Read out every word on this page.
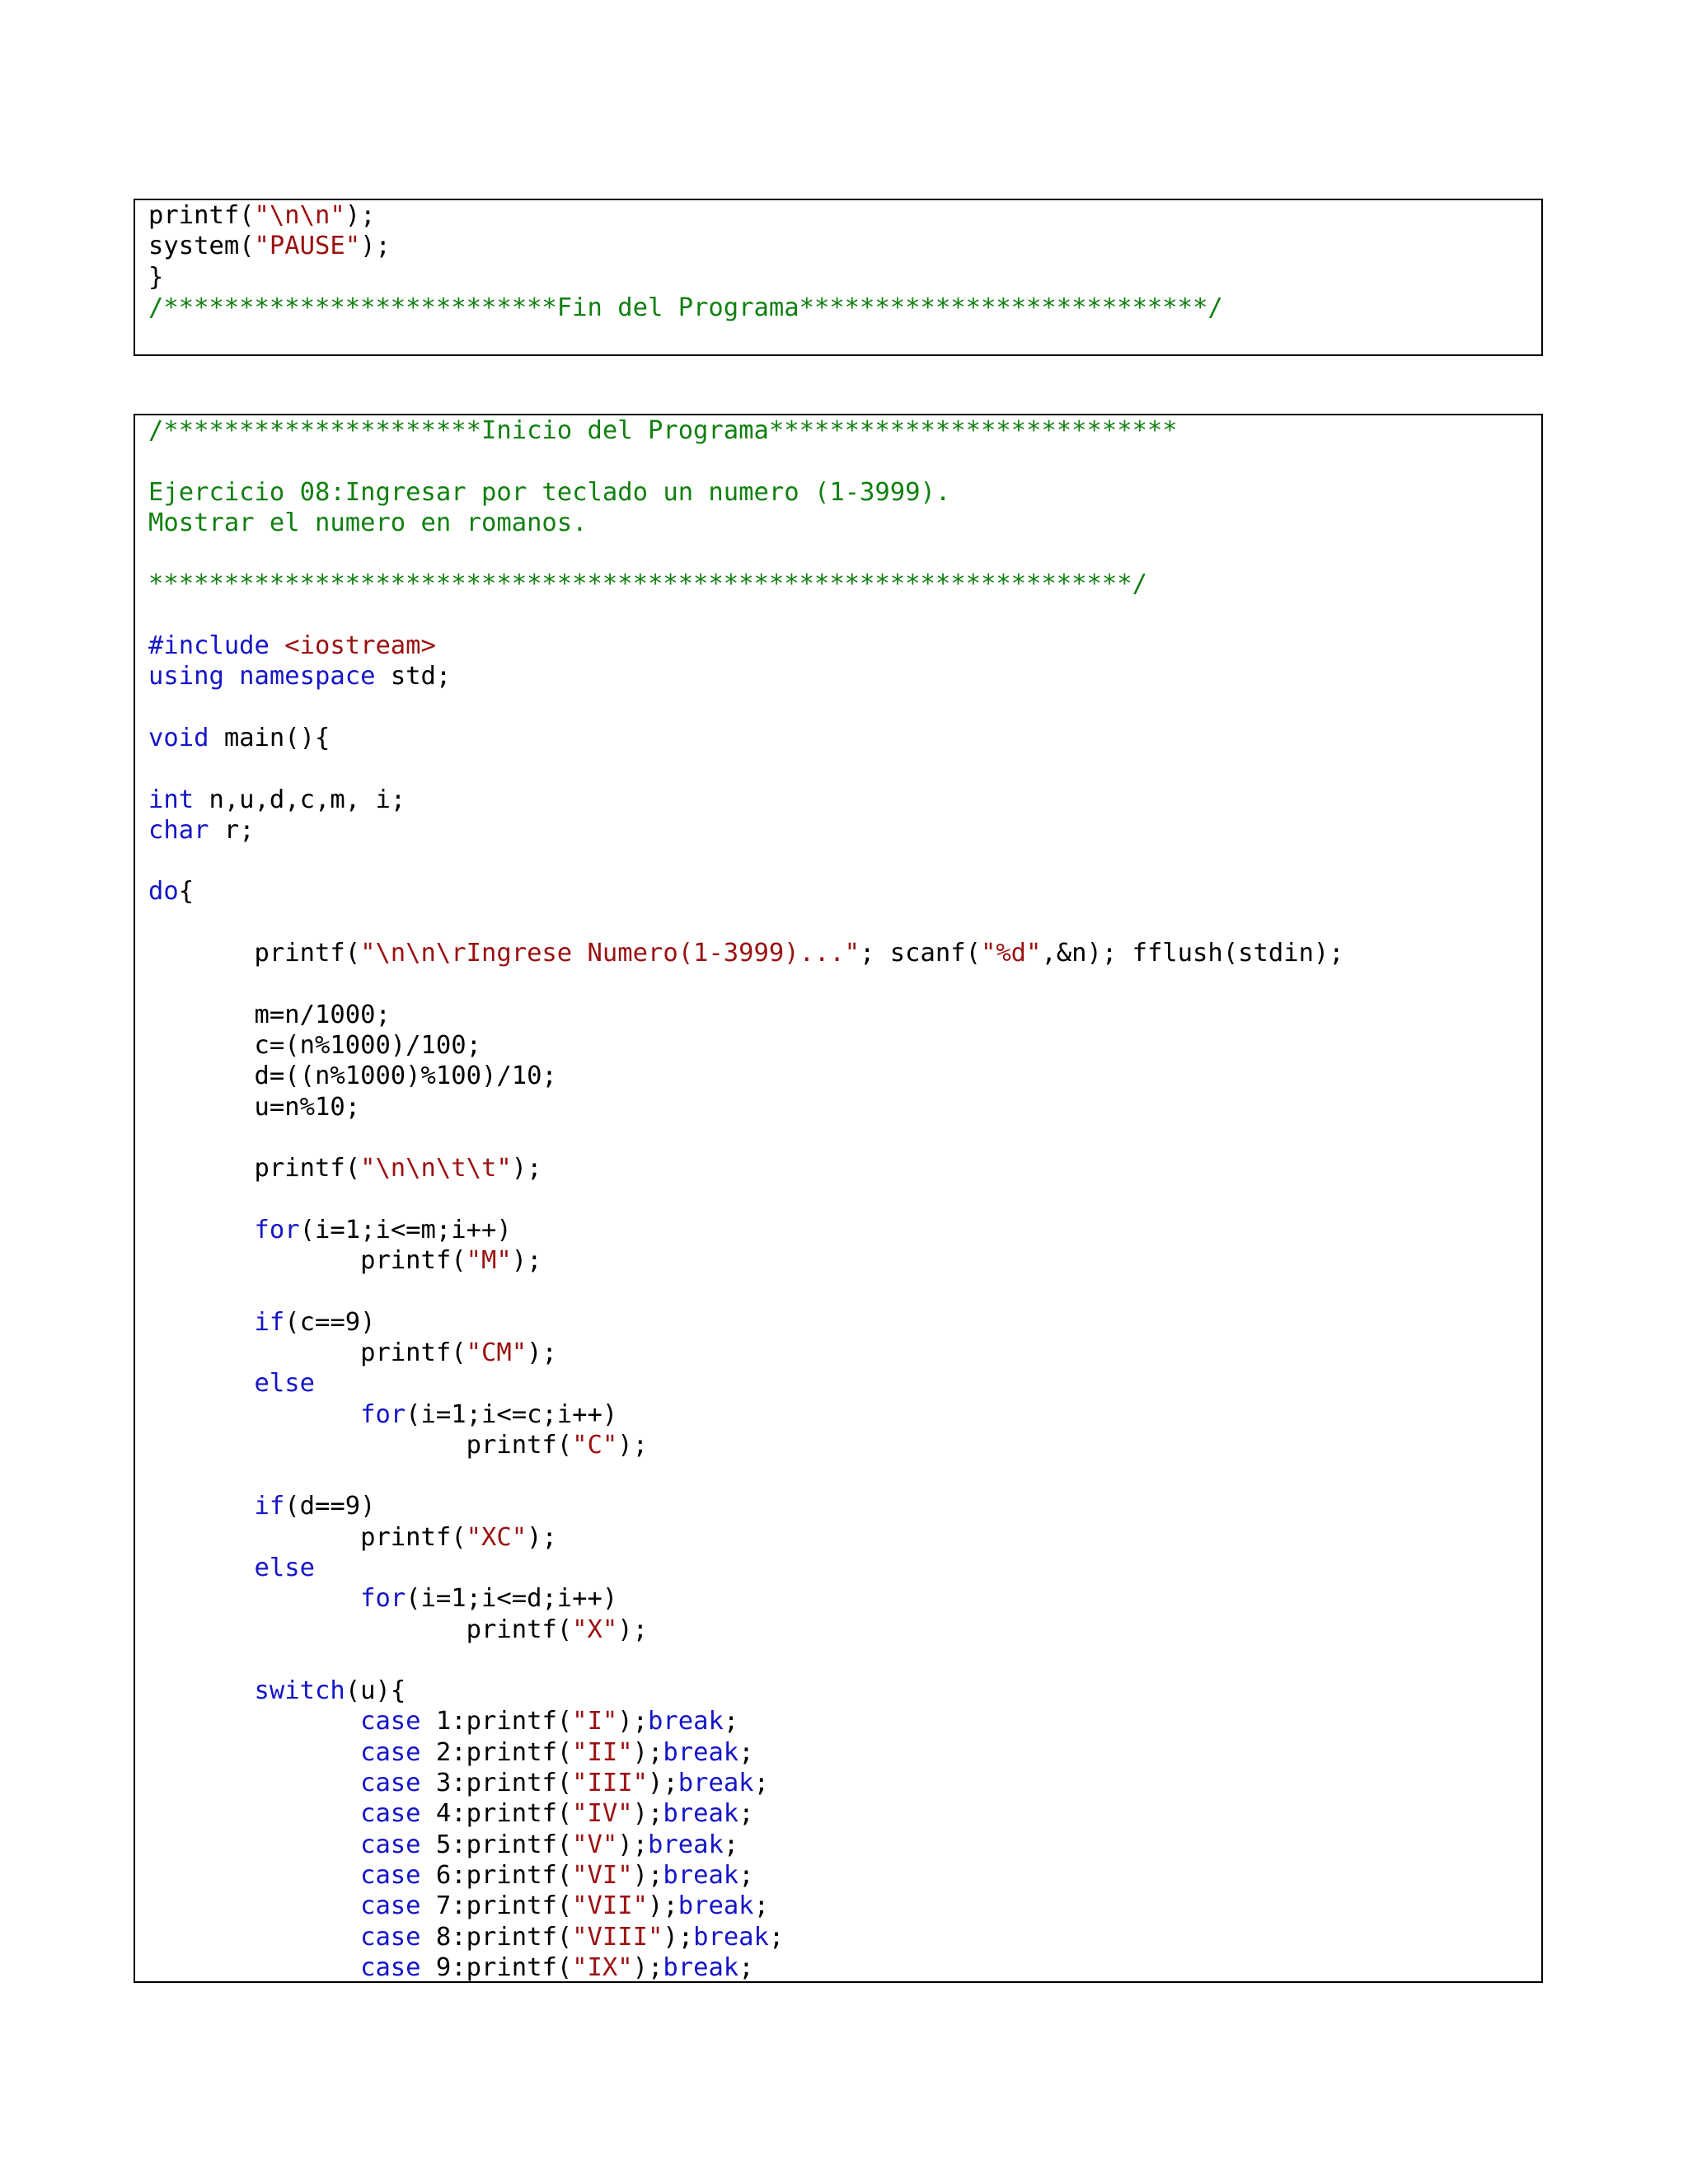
printf("\n\n");
system("PAUSE");
}
/**************************Fin del Programa***************************/
/*********************Inicio del Programa***************************
Ejercicio 08:Ingresar por teclado un numero (1-3999).
Mostrar el numero en romanos.
*****************************************************************/
#include <iostream>
using namespace std;
void main(){
int n,u,d,c,m, i;
char r;
do{
printf("\n\n\rIngrese Numero(1-3999)..."; scanf("%d",&n); fflush(stdin);
m=n/1000;
c=(n%1000)/100;
d=((n%1000)%100)/10;
u=n%10;
printf("\n\n\t\t");
for(i=1;i<=m;i++)
printf("M");
if(c==9)
printf("CM");
else
for(i=1;i<=c;i++)
printf("C");
if(d==9)
printf("XC");
else
for(i=1;i<=d;i++)
printf("X");
switch(u){
case 1:printf("I");break;
case 2:printf("II");break;
case 3:printf("III");break;
case 4:printf("IV");break;
case 5:printf("V");break;
case 6:printf("VI");break;
case 7:printf("VII");break;
case 8:printf("VIII");break;
case 9:printf("IX");break;
